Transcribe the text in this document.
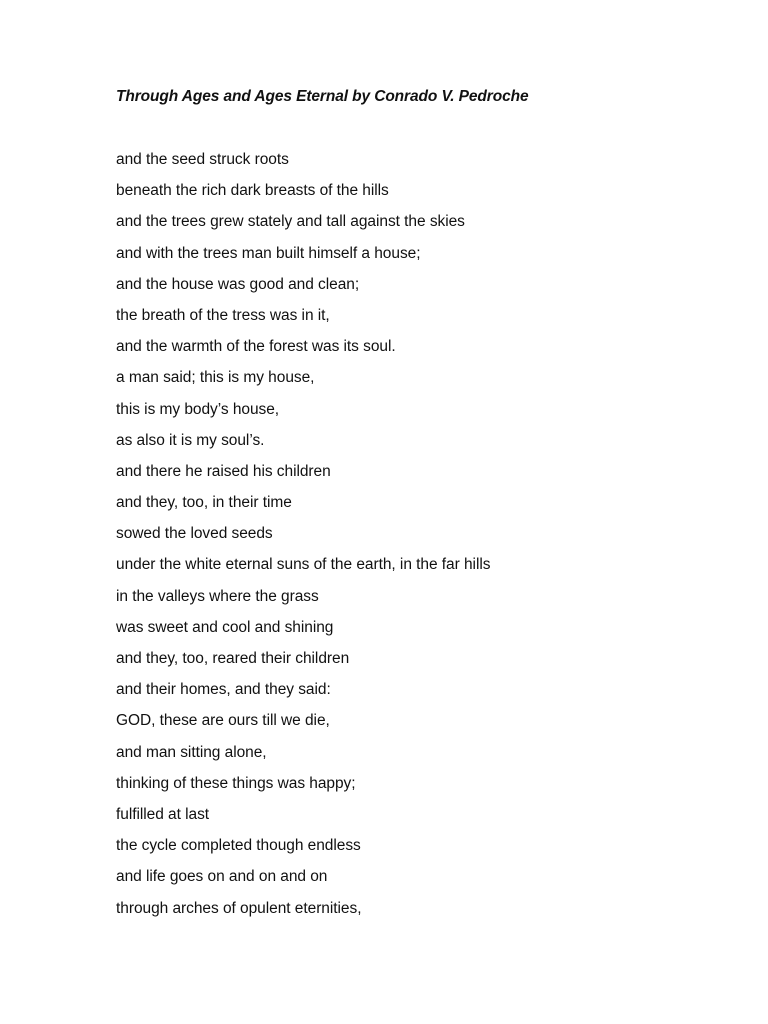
Through Ages and Ages Eternal by Conrado V. Pedroche
and the seed struck roots
beneath the rich dark breasts of the hills
and the trees grew stately and tall against the skies
and with the trees man built himself a house;
and the house was good and clean;
the breath of the tress was in it,
and the warmth of the forest was its soul.
a man said; this is my house,
this is my body’s house,
as also it is my soul’s.
and there he raised his children
and they, too, in their time
sowed the loved seeds
under the white eternal suns of the earth, in the far hills
in the valleys where the grass
was sweet and cool and shining
and they, too, reared their children
and their homes, and they said:
GOD, these are ours till we die,
and man sitting alone,
thinking of these things was happy;
fulfilled at last
the cycle completed though endless
and life goes on and on and on
through arches of opulent eternities,
